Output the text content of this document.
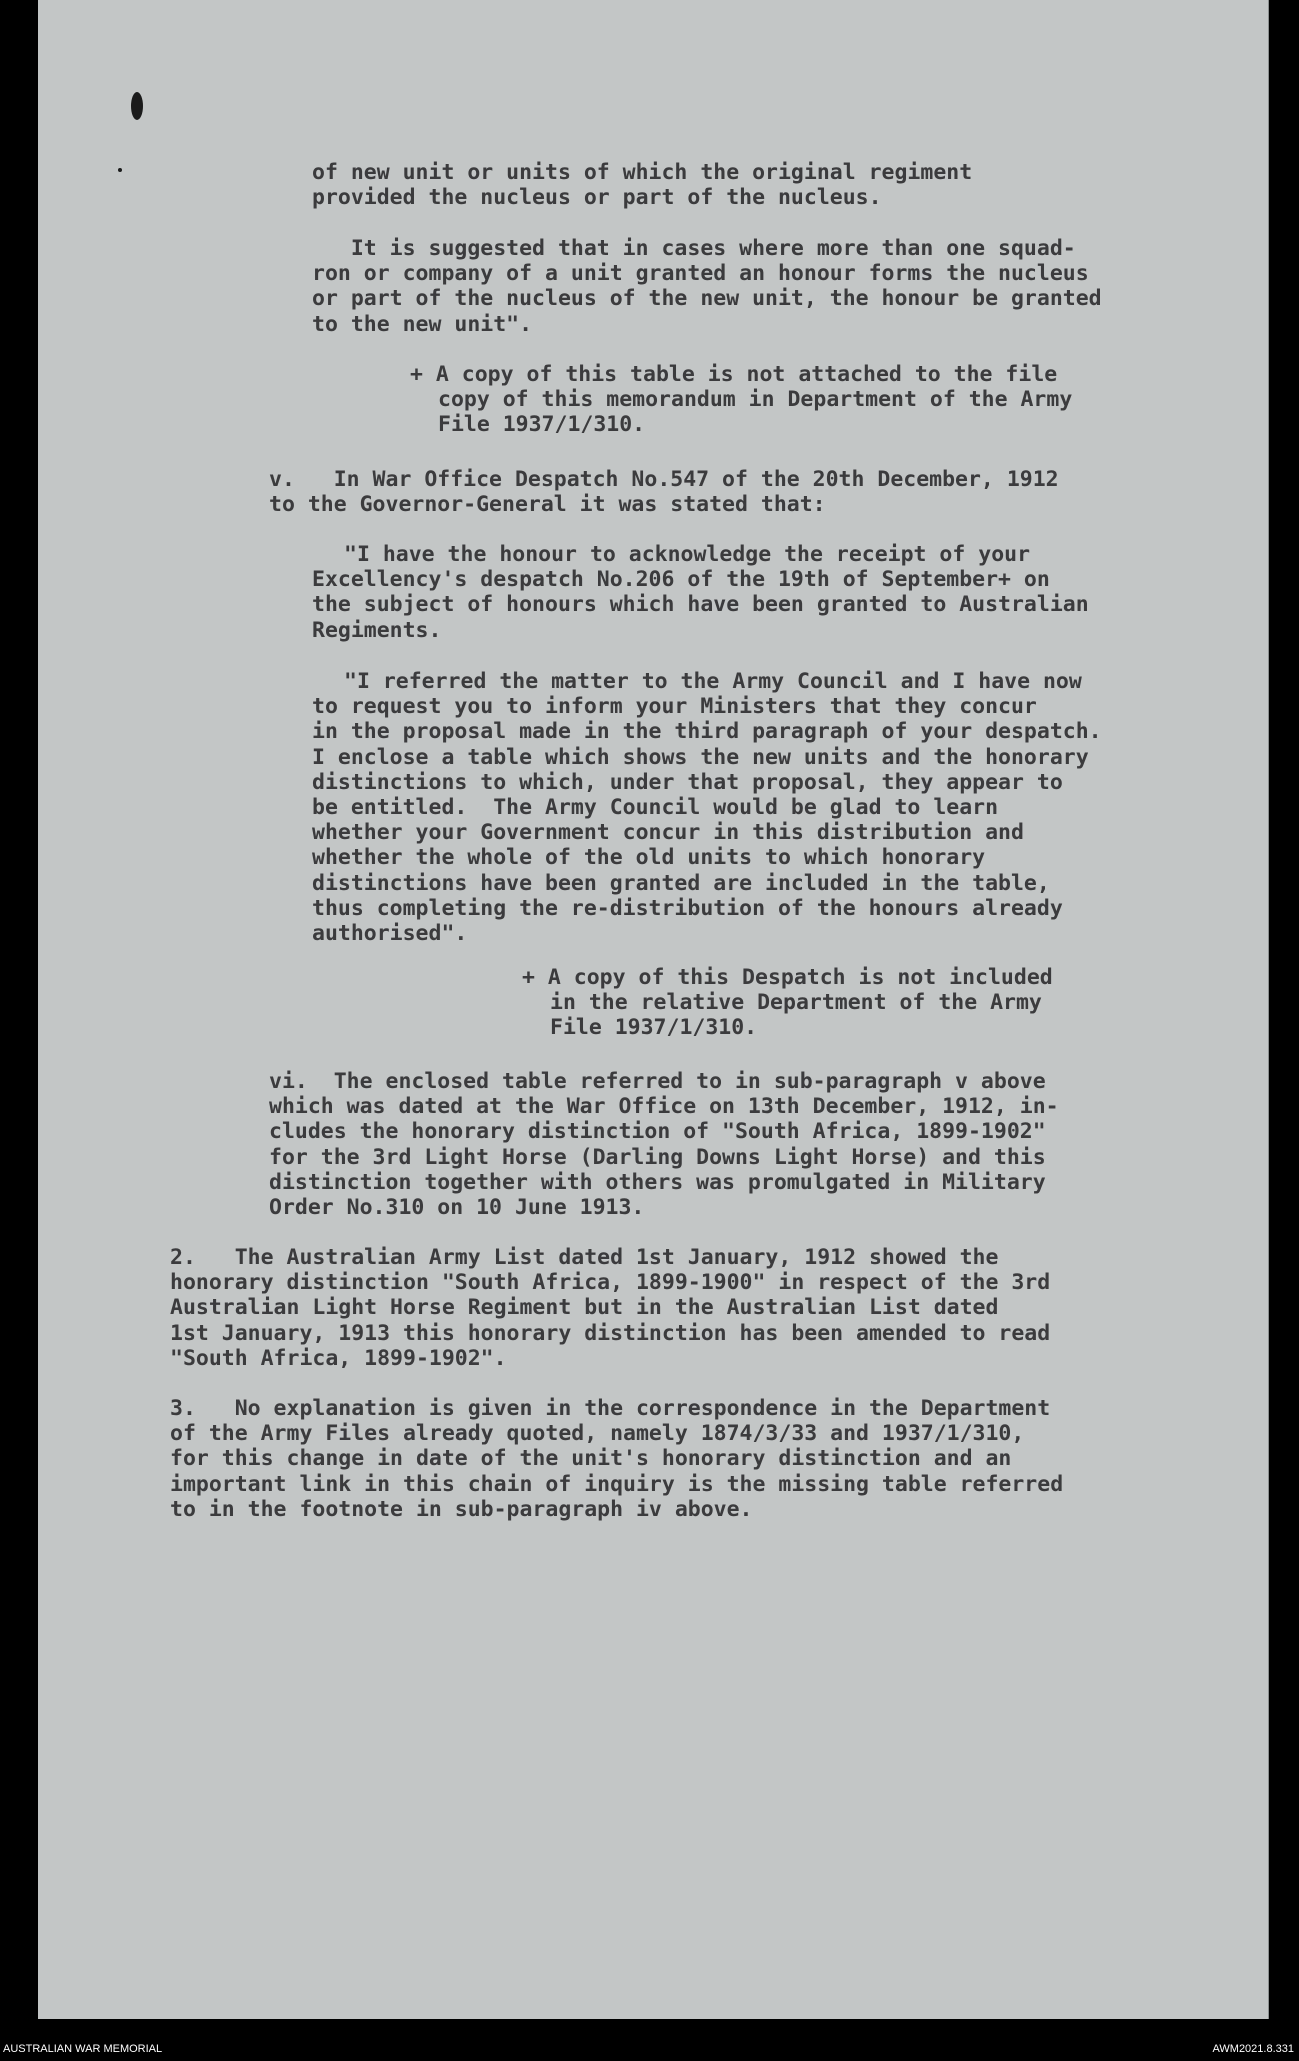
of new unit or units of which the original regiment
provided the nucleus or part of the nucleus.

It is suggested that in cases where more than one squad-
ron or company of a unit granted an honour forms the nucleus
or part of the nucleus of the new unit, the honour be granted
to the new unit".

+ A copy of this table is not attached to the file
copy of this memorandum in Department of the Army
File 1937/1/310.

v.   In War Office Despatch No.547 of the 20th December, 1912
to the Governor-General it was stated that:

"I have the honour to acknowledge the receipt of your
Excellency's despatch No.206 of the 19th of September+ on
the subject of honours which have been granted to Australian
Regiments.

"I referred the matter to the Army Council and I have now
to request you to inform your Ministers that they concur
in the proposal made in the third paragraph of your despatch.
I enclose a table which shows the new units and the honorary
distinctions to which, under that proposal, they appear to
be entitled.  The Army Council would be glad to learn
whether your Government concur in this distribution and
whether the whole of the old units to which honorary
distinctions have been granted are included in the table,
thus completing the re-distribution of the honours already
authorised".

+ A copy of this Despatch is not included
in the relative Department of the Army
File 1937/1/310.

vi.  The enclosed table referred to in sub-paragraph v above
which was dated at the War Office on 13th December, 1912, in-
cludes the honorary distinction of "South Africa, 1899-1902"
for the 3rd Light Horse (Darling Downs Light Horse) and this
distinction together with others was promulgated in Military
Order No.310 on 10 June 1913.

2.   The Australian Army List dated 1st January, 1912 showed the
honorary distinction "South Africa, 1899-1900" in respect of the 3rd
Australian Light Horse Regiment but in the Australian List dated
1st January, 1913 this honorary distinction has been amended to read
"South Africa, 1899-1902".

3.   No explanation is given in the correspondence in the Department
of the Army Files already quoted, namely 1874/3/33 and 1937/1/310,
for this change in date of the unit's honorary distinction and an
important link in this chain of inquiry is the missing table referred
to in the footnote in sub-paragraph iv above.

AUSTRALIAN WAR MEMORIAL	AWM2021.8.331
